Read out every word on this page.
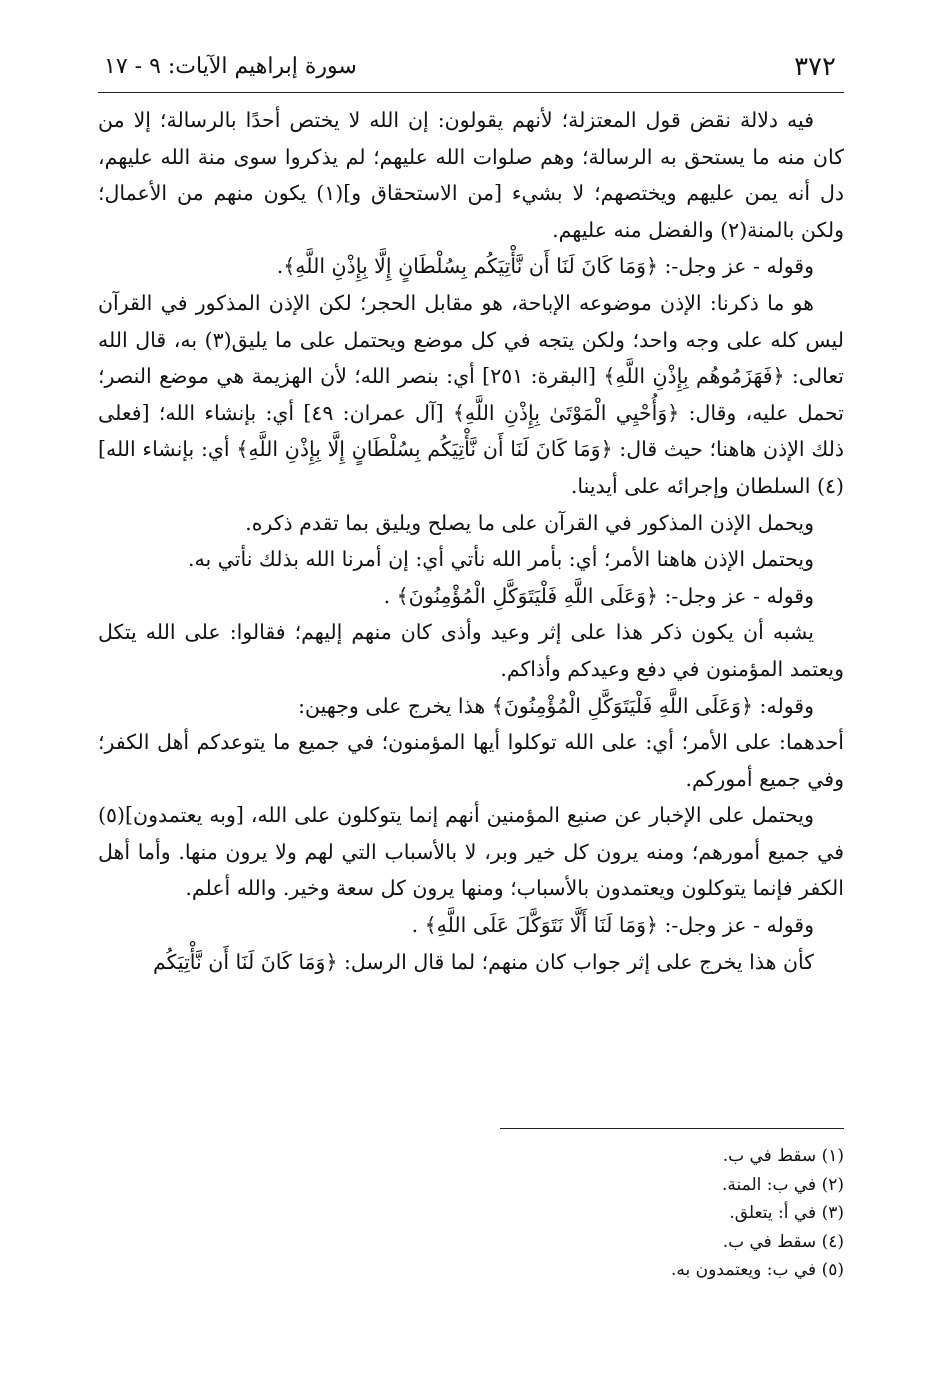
٣٧٢
سورة إبراهيم الآيات: ٩ - ١٧

فيه دلالة نقض قول المعتزلة؛ لأنهم يقولون: إن الله لا يختص أحدًا بالرسالة؛ إلا من كان منه ما يستحق به الرسالة؛ وهم صلوات الله عليهم؛ لم يذكروا سوى منة الله عليهم، دل أنه يمن عليهم ويختصهم؛ لا بشيء [من الاستحقاق و](١) يكون منهم من الأعمال؛ ولكن بالمنة(٢) والفضل منه عليهم.

وقوله - عز وجل-: ﴿وَمَا كَانَ لَنَا أَن نَّأْتِيَكُم بِسُلْطَانٍ إِلَّا بِإِذْنِ اللَّهِ﴾.

هو ما ذكرنا: الإذن موضوعه الإباحة، هو مقابل الحجر؛ لكن الإذن المذكور في القرآن ليس كله على وجه واحد؛ ولكن يتجه في كل موضع ويحتمل على ما يليق(٣) به، قال الله تعالى: ﴿فَهَزَمُوهُم بِإِذْنِ اللَّهِ﴾ [البقرة: ٢٥١] أي: بنصر الله؛ لأن الهزيمة هي موضع النصر؛ تحمل عليه، وقال: ﴿وَأُحْيِي الْمَوْتَىٰ بِإِذْنِ اللَّهِ﴾ [آل عمران: ٤٩] أي: بإنشاء الله؛ [فعلى ذلك الإذن هاهنا؛ حيث قال: ﴿وَمَا كَانَ لَنَا أَن نَّأْتِيَكُم بِسُلْطَانٍ إِلَّا بِإِذْنِ اللَّهِ﴾ أي: بإنشاء الله](٤) السلطان وإجرائه على أيدينا.

ويحمل الإذن المذكور في القرآن على ما يصلح ويليق بما تقدم ذكره.

ويحتمل الإذن هاهنا الأمر؛ أي: بأمر الله نأتي أي: إن أمرنا الله بذلك نأتي به.

وقوله - عز وجل-: ﴿وَعَلَى اللَّهِ فَلْيَتَوَكَّلِ الْمُؤْمِنُونَ﴾ .

يشبه أن يكون ذكر هذا على إثر وعيد وأذى كان منهم إليهم؛ فقالوا: على الله يتكل ويعتمد المؤمنون في دفع وعيدكم وأذاكم.

وقوله: ﴿وَعَلَى اللَّهِ فَلْيَتَوَكَّلِ الْمُؤْمِنُونَ﴾ هذا يخرج على وجهين:

أحدهما: على الأمر؛ أي: على الله توكلوا أيها المؤمنون؛ في جميع ما يتوعدكم أهل الكفر؛ وفي جميع أموركم.

ويحتمل على الإخبار عن صنيع المؤمنين أنهم إنما يتوكلون على الله، [وبه يعتمدون](٥) في جميع أمورهم؛ ومنه يرون كل خير وبر، لا بالأسباب التي لهم ولا يرون منها. وأما أهل الكفر فإنما يتوكلون ويعتمدون بالأسباب؛ ومنها يرون كل سعة وخير. والله أعلم.

وقوله - عز وجل-: ﴿وَمَا لَنَا أَلَّا نَتَوَكَّلَ عَلَى اللَّهِ﴾ .

كأن هذا يخرج على إثر جواب كان منهم؛ لما قال الرسل: ﴿وَمَا كَانَ لَنَا أَن نَّأْتِيَكُم

(١) سقط في ب.
(٢) في ب: المنة.
(٣) في أ: يتعلق.
(٤) سقط في ب.
(٥) في ب: ويعتمدون به.
